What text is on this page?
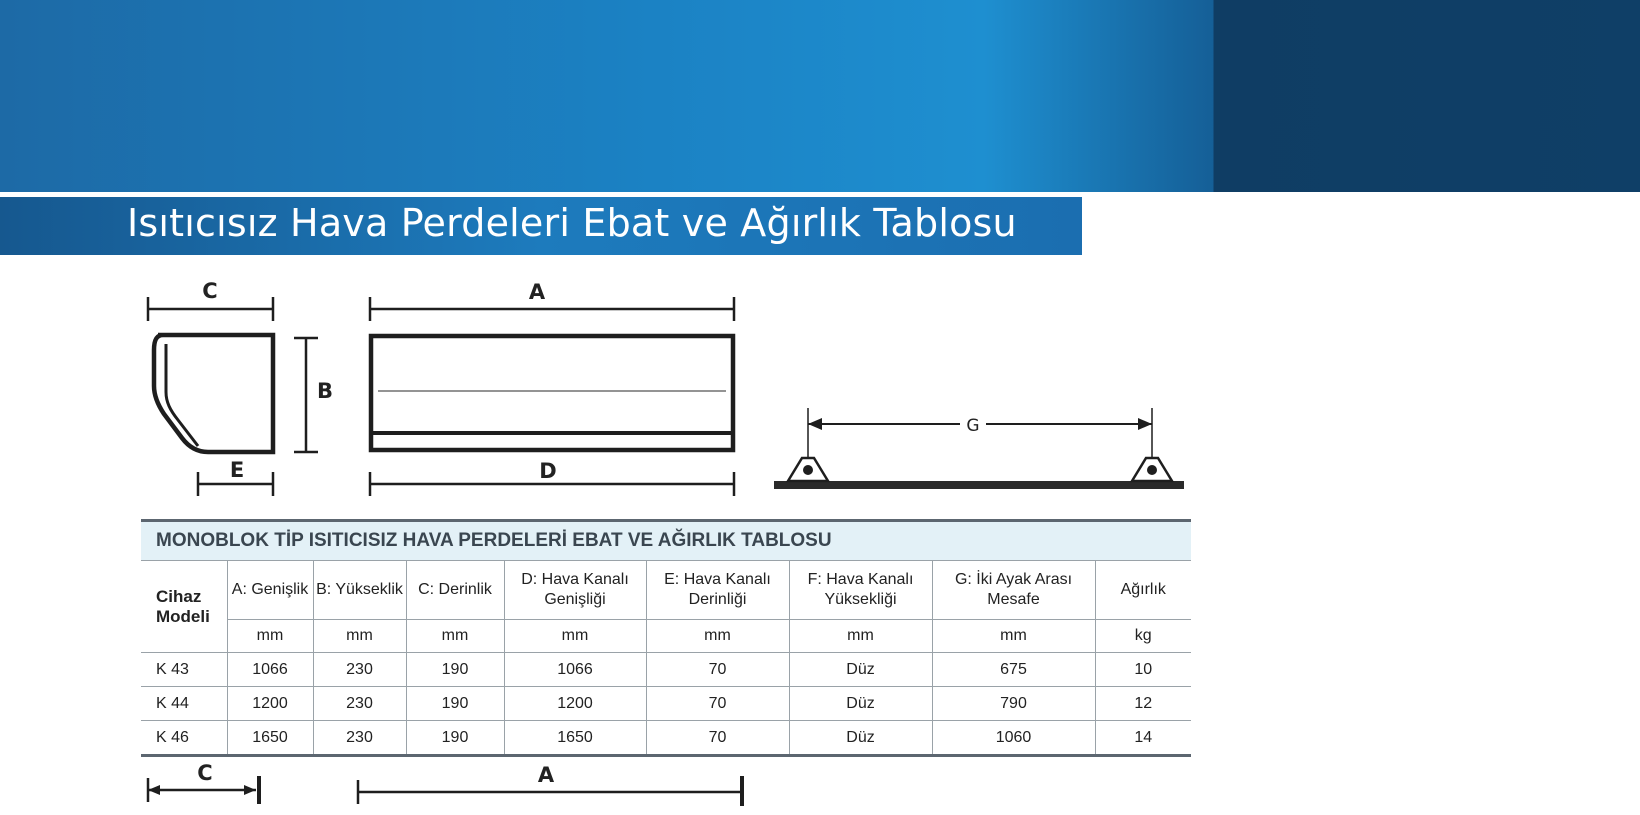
Isıtıcısız Hava Perdeleri Ebat ve Ağırlık Tablosu
C
B
E
A
D
G
C	A
MONOBLOK TİP ISITICISIZ HAVA PERDELERİ EBAT VE AĞIRLIK TABLOSU
Cihaz Modeli	A: Genişlik	B: Yükseklik	C: Derinlik	D: Hava Kanalı Genişliği	E: Hava Kanalı Derinliği	F: Hava Kanalı Yüksekliği	G: İki Ayak Arası Mesafe	Ağırlık
	mm	mm	mm	mm	mm	mm	mm	kg
K 43	1066	230	190	1066	70	Düz	675	10
K 44	1200	230	190	1200	70	Düz	790	12
K 46	1650	230	190	1650	70	Düz	1060	14
